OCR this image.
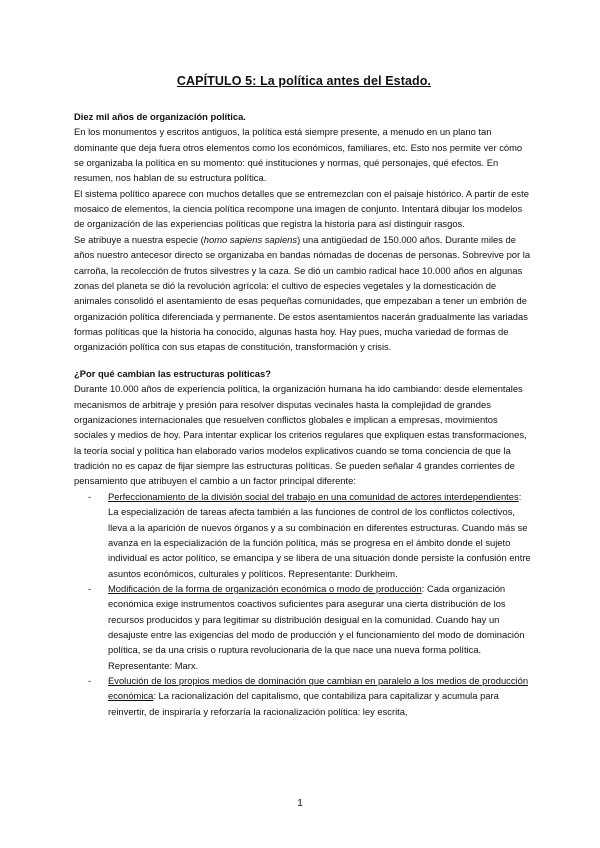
CAPÍTULO 5: La política antes del Estado.

Diez mil años de organización política.

En los monumentos y escritos antiguos, la política está siempre presente, a menudo en un plano tan dominante que deja fuera otros elementos como los económicos, familiares, etc. Esto nos permite ver cómo se organizaba la política en su momento: qué instituciones y normas, qué personajes, qué efectos. En resumen, nos hablan de su estructura política.

El sistema político aparece con muchos detalles que se entremezclan con el paisaje histórico. A partir de este mosaico de elementos, la ciencia política recompone una imagen de conjunto. Intentará dibujar los modelos de organización de las experiencias políticas que registra la historia para así distinguir rasgos.

Se atribuye a nuestra especie (homo sapiens sapiens) una antigüedad de 150.000 años. Durante miles de años nuestro antecesor directo se organizaba en bandas nómadas de docenas de personas. Sobrevive por la carroña, la recolección de frutos silvestres y la caza. Se dió un cambio radical hace 10.000 años en algunas zonas del planeta se dió la revolución agrícola: el cultivo de especies vegetales y la domesticación de animales consolidó el asentamiento de esas pequeñas comunidades, que empezaban a tener un embrión de organización política diferenciada y permanente. De estos asentamientos nacerán gradualmente las variadas formas políticas que la historia ha conocido, algunas hasta hoy. Hay pues, mucha variedad de formas de organización política con sus etapas de constitución, transformación y crisis.

¿Por qué cambian las estructuras políticas?

Durante 10.000 años de experiencia política, la organización humana ha ido cambiando: desde elementales mecanismos de arbitraje y presión para resolver disputas vecinales hasta la complejidad de grandes organizaciones internacionales que resuelven conflictos globales e implican a empresas, movimientos sociales y medios de hoy. Para intentar explicar los criterios regulares que expliquen estas transformaciones, la teoría social y política han elaborado varios modelos explicativos cuando se toma conciencia de que la tradición no es capaz de fijar siempre las estructuras políticas. Se pueden señalar 4 grandes corrientes de pensamiento que atribuyen el cambio a un factor principal diferente:

- Perfeccionamiento de la división social del trabajo en una comunidad de actores interdependientes: La especialización de tareas afecta también a las funciones de control de los conflictos colectivos, lleva a la aparición de nuevos órganos y a su combinación en diferentes estructuras. Cuando más se avanza en la especialización de la función política, más se progresa en el ámbito donde el sujeto individual es actor político, se emancipa y se libera de una situación donde persiste la confusión entre asuntos económicos, culturales y políticos. Representante: Durkheim.
- Modificación de la forma de organización económica o modo de producción: Cada organización económica exige instrumentos coactivos suficientes para asegurar una cierta distribución de los recursos producidos y para legitimar su distribución desigual en la comunidad. Cuando hay un desajuste entre las exigencias del modo de producción y el funcionamiento del modo de dominación política, se da una crisis o ruptura revolucionaria de la que nace una nueva forma política. Representante: Marx.
- Evolución de los propios medios de dominación que cambian en paralelo a los medios de producción económica: La racionalización del capitalismo, que contabiliza para capitalizar y acumula para reinvertir, de inspiraría y reforzaría la racionalización política: ley escrita,
1
